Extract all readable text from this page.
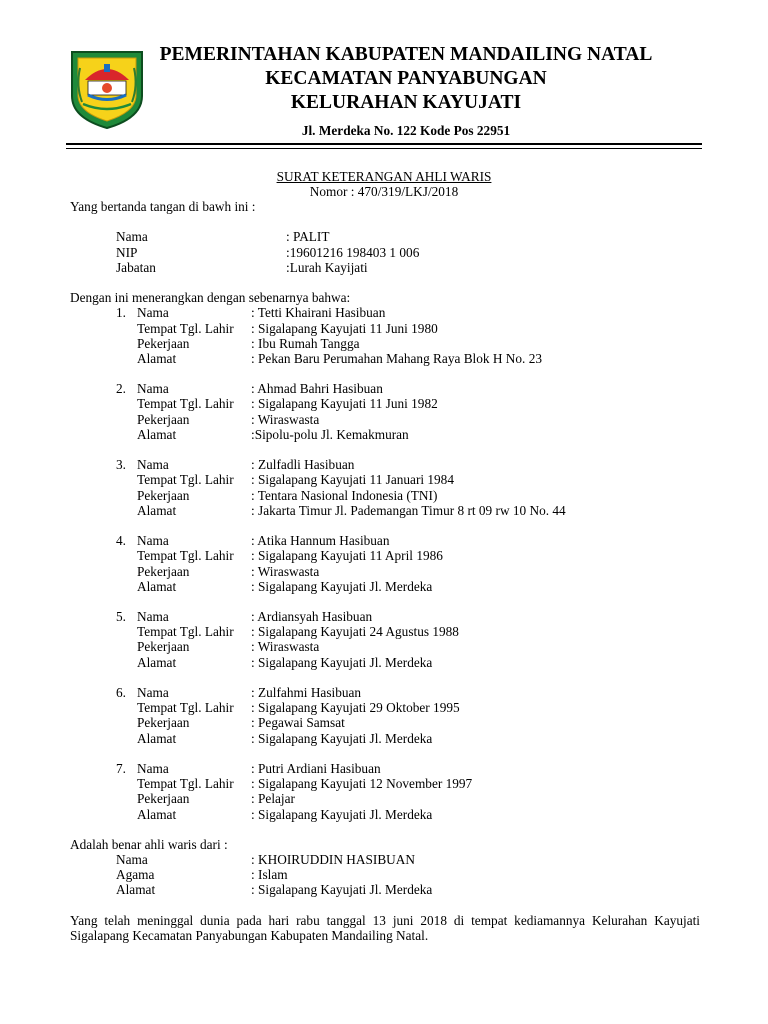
PEMERINTAHAN KABUPATEN MANDAILING NATAL
KECAMATAN PANYABUNGAN
KELURAHAN KAYUJATI
Jl. Merdeka No. 122 Kode Pos 22951
SURAT KETERANGAN AHLI WARIS
Nomor : 470/319/LKJ/2018

Yang bertanda tangan di bawh ini :

Nama	: PALIT
NIP	:19601216 198403 1 006
Jabatan	:Lurah Kayijati

Dengan ini menerangkan dengan sebenarnya bahwa:

1. Nama	: Tetti Khairani Hasibuan
Tempat Tgl. Lahir : Sigalapang Kayujati 11 Juni 1980
Pekerjaan	: Ibu Rumah Tangga
Alamat	: Pekan Baru Perumahan Mahang Raya Blok H No. 23
2. Nama	: Ahmad Bahri Hasibuan
Tempat Tgl. Lahir : Sigalapang Kayujati 11 Juni 1982
Pekerjaan	: Wiraswasta
Alamat	:Sipolu-polu Jl. Kemakmuran
3. Nama	: Zulfadli Hasibuan
Tempat Tgl. Lahir : Sigalapang Kayujati 11 Januari 1984
Pekerjaan	: Tentara Nasional Indonesia (TNI)
Alamat	: Jakarta Timur Jl. Pademangan Timur 8 rt 09 rw 10 No. 44
4. Nama	: Atika Hannum Hasibuan
Tempat Tgl. Lahir : Sigalapang Kayujati 11 April 1986
Pekerjaan	: Wiraswasta
Alamat	: Sigalapang Kayujati Jl. Merdeka
5. Nama	: Ardiansyah Hasibuan
Tempat Tgl. Lahir : Sigalapang Kayujati 24 Agustus 1988
Pekerjaan	: Wiraswasta
Alamat	: Sigalapang Kayujati Jl. Merdeka
6. Nama	: Zulfahmi Hasibuan
Tempat Tgl. Lahir : Sigalapang Kayujati 29 Oktober 1995
Pekerjaan	: Pegawai Samsat
Alamat	: Sigalapang Kayujati Jl. Merdeka
7. Nama	: Putri Ardiani Hasibuan
Tempat Tgl. Lahir : Sigalapang Kayujati 12 November 1997
Pekerjaan	: Pelajar
Alamat	: Sigalapang Kayujati Jl. Merdeka

Adalah benar ahli waris dari :

Nama	: KHOIRUDDIN HASIBUAN
Agama	: Islam
Alamat	: Sigalapang Kayujati Jl. Merdeka

Yang telah meninggal dunia pada hari rabu tanggal 13 juni 2018 di tempat kediamannya Kelurahan Kayujati Sigalapang Kecamatan Panyabungan Kabupaten Mandailing Natal.
